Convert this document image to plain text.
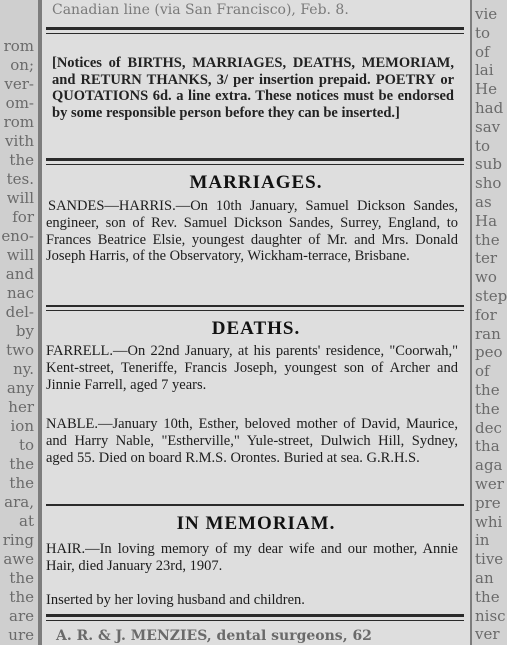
rom
on;
ver-
om-
rom
vith
the
tes.
will
for
eno-
will
and
nac
del-
by
two
ny.
any
her
ion
to
the
the
ara,
at
ring
awe
the
the
are
ure
Canadian line (via San Francisco), Feb. 8.
[Notices of BIRTHS, MARRIAGES, DEATHS, MEMORIAM, and RETURN THANKS, 3/ per insertion prepaid. POETRY or QUOTATIONS 6d. a line extra. These notices must be endorsed by some responsible person before they can be inserted.]
MARRIAGES.
SANDES—HARRIS.—On 10th January, Samuel Dickson Sandes, engineer, son of Rev. Samuel Dickson Sandes, Surrey, England, to Frances Beatrice Elsie, youngest daughter of Mr. and Mrs. Donald Joseph Harris, of the Observatory, Wickham-terrace, Brisbane.
DEATHS.
FARRELL.—On 22nd January, at his parents' residence, "Coorwah," Kent-street, Teneriffe, Francis Joseph, youngest son of Archer and Jinnie Farrell, aged 7 years.
NABLE.—January 10th, Esther, beloved mother of David, Maurice, and Harry Nable, "Estherville," Yule-street, Dulwich Hill, Sydney, aged 55. Died on board R.M.S. Orontes. Buried at sea. G.R.H.S.
IN MEMORIAM.
HAIR.—In loving memory of my dear wife and our mother, Annie Hair, died January 23rd, 1907.
Inserted by her loving husband and children.
A. R. & J. MENZIES, dental surgeons, 62
vie
to
of
lai
He
had
sav
to
sub
sho
as
Ha
the
ter
wo
step
for
ran
peo
of
the
the
dec
tha
aga
wer
pre
whi
in
tive
an
the
nisc
ver
